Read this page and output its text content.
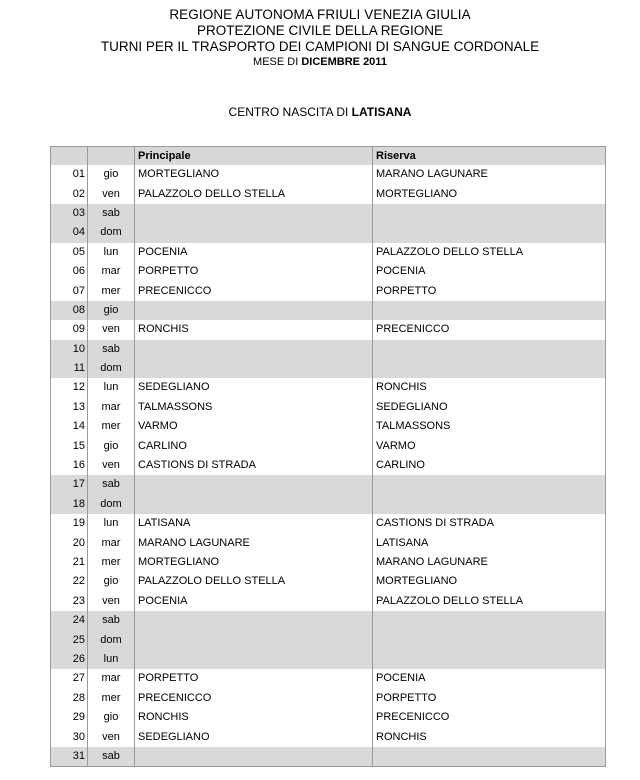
REGIONE AUTONOMA FRIULI VENEZIA GIULIA
PROTEZIONE CIVILE DELLA REGIONE
TURNI PER IL TRASPORTO DEI CAMPIONI DI SANGUE CORDONALE
MESE DI DICEMBRE 2011
CENTRO NASCITA DI LATISANA
		Principale	Riserva
01	gio	MORTEGLIANO	MARANO LAGUNARE
02	ven	PALAZZOLO DELLO STELLA	MORTEGLIANO
03	sab		
04	dom		
05	lun	POCENIA	PALAZZOLO DELLO STELLA
06	mar	PORPETTO	POCENIA
07	mer	PRECENICCO	PORPETTO
08	gio		
09	ven	RONCHIS	PRECENICCO
10	sab		
11	dom		
12	lun	SEDEGLIANO	RONCHIS
13	mar	TALMASSONS	SEDEGLIANO
14	mer	VARMO	TALMASSONS
15	gio	CARLINO	VARMO
16	ven	CASTIONS DI STRADA	CARLINO
17	sab		
18	dom		
19	lun	LATISANA	CASTIONS DI STRADA
20	mar	MARANO LAGUNARE	LATISANA
21	mer	MORTEGLIANO	MARANO LAGUNARE
22	gio	PALAZZOLO DELLO STELLA	MORTEGLIANO
23	ven	POCENIA	PALAZZOLO DELLO STELLA
24	sab		
25	dom		
26	lun		
27	mar	PORPETTO	POCENIA
28	mer	PRECENICCO	PORPETTO
29	gio	RONCHIS	PRECENICCO
30	ven	SEDEGLIANO	RONCHIS
31	sab		
